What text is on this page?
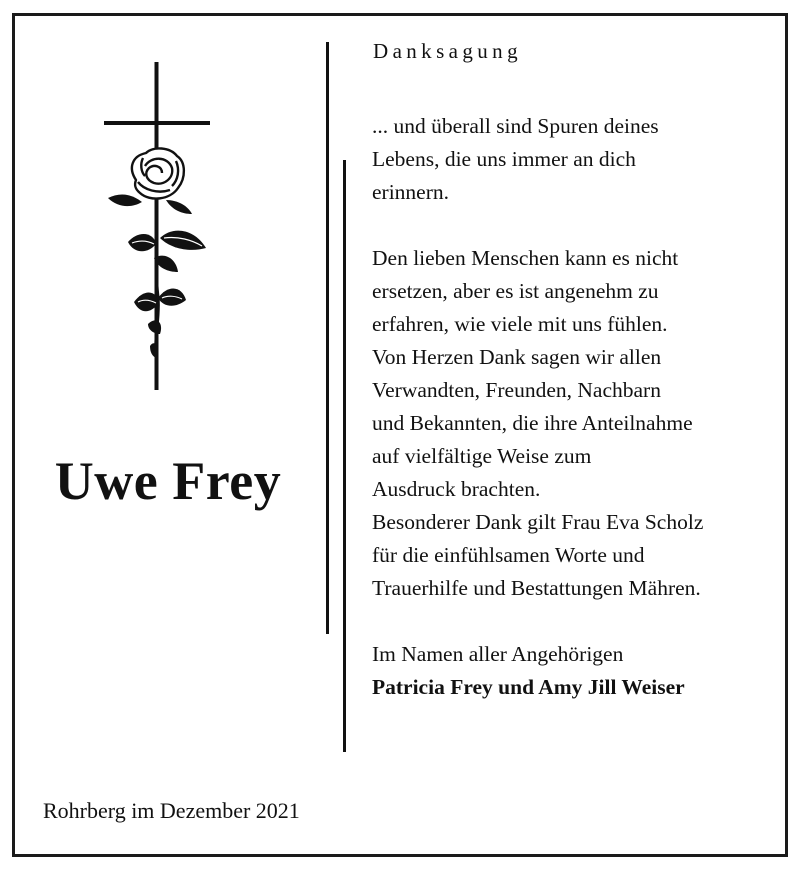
Uwe Frey
Rohrberg im Dezember 2021
Danksagung
... und überall sind Spuren deines
Lebens, die uns immer an dich
erinnern.
Den lieben Menschen kann es nicht
ersetzen, aber es ist angenehm zu
erfahren, wie viele mit uns fühlen.
Von Herzen Dank sagen wir allen
Verwandten, Freunden, Nachbarn
und Bekannten, die ihre Anteilnahme
auf vielfältige Weise zum
Ausdruck brachten.
Besonderer Dank gilt Frau Eva Scholz
für die einfühlsamen Worte und
Trauerhilfe und Bestattungen Mähren.
Im Namen aller Angehörigen
Patricia Frey und Amy Jill Weiser
